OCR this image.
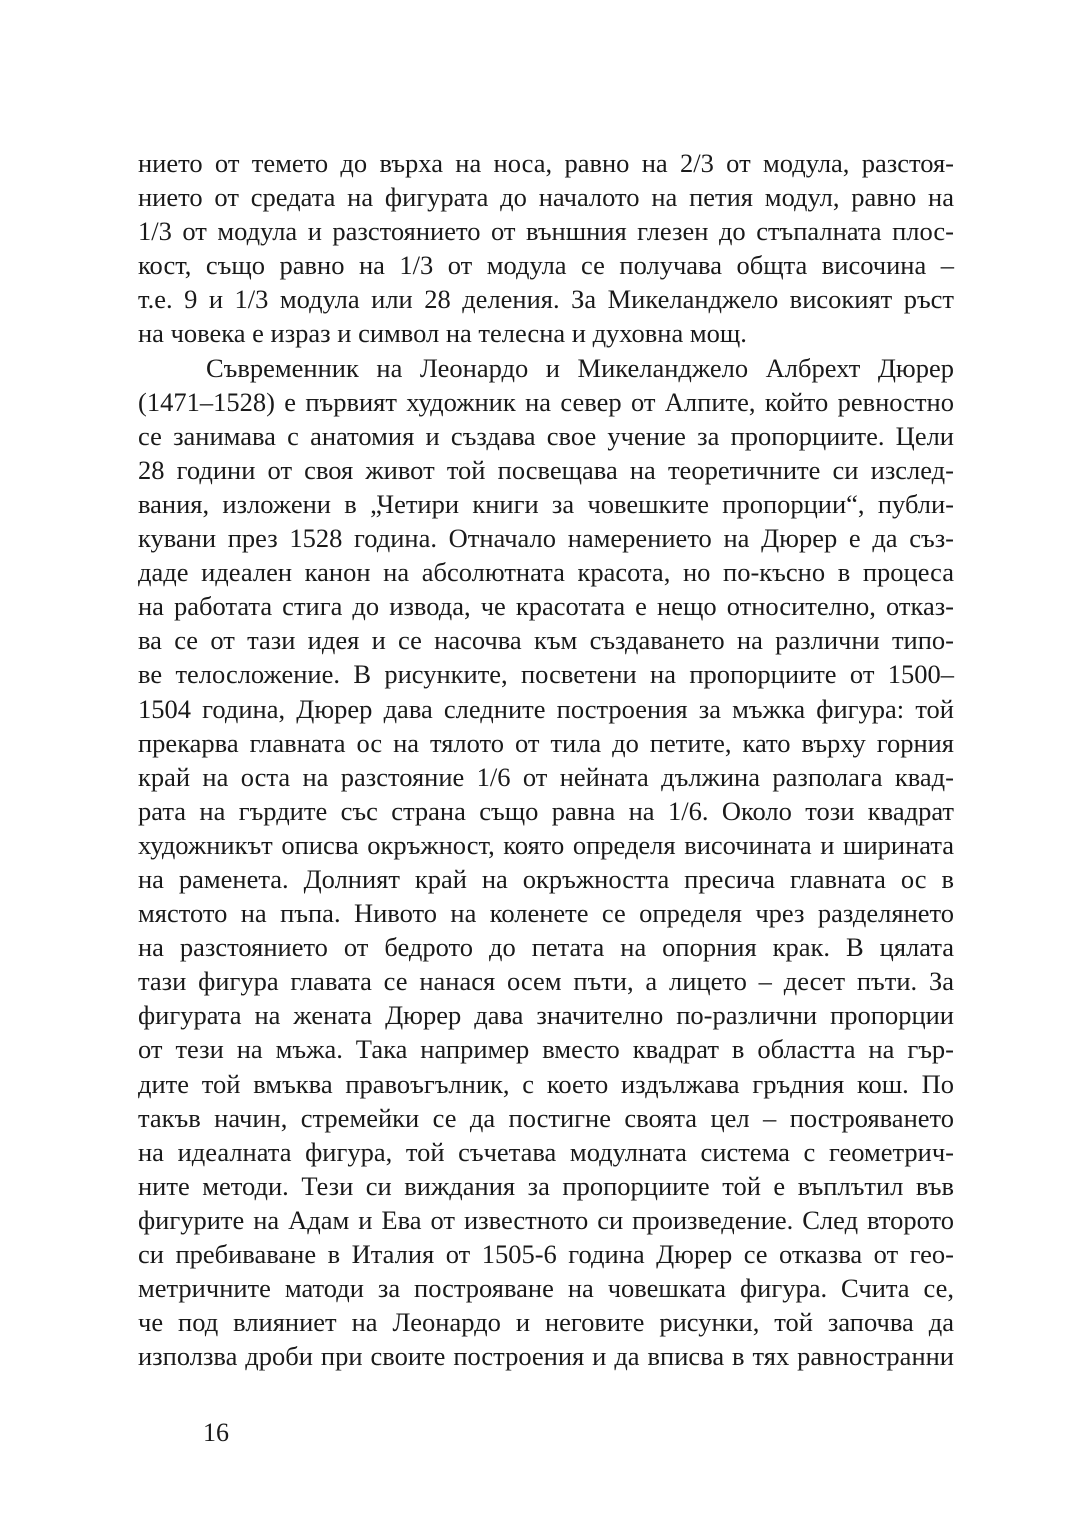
нието от темето до върха на носа, равно на 2/3 от модула, разстоя-
нието от средата на фигурата до началото на петия модул, равно на
1/3 от модула и разстоянието от външния глезен до стъпалната плос-
кост, също равно на 1/3 от модула се получава общта височина –
т.е. 9 и 1/3 модула или 28 деления. За Микеланджело високият ръст
на човека е израз и символ на телесна и духовна мощ.
Съвременник на Леонардо и Микеланджело Албрехт Дюрер
(1471–1528) е първият художник на север от Алпите, който ревностно
се занимава с анатомия и създава свое учение за пропорциите. Цели
28 години от своя живот той посвещава на теоретичните си изслед-
вания, изложени в „Четири книги за човешките пропорции“, публи-
кувани през 1528 година. Отначало намерението на Дюрер е да съз-
даде идеален канон на абсолютната красота, но по-късно в процеса
на работата стига до извода, че красотата е нещо относително, отказ-
ва се от тази идея и се насочва към създаването на различни типо-
ве телосложение. В рисунките, посветени на пропорциите от 1500–
1504 година, Дюрер дава следните построения за мъжка фигура: той
прекарва главната ос на тялото от тила до петите, като върху горния
край на оста на разстояние 1/6 от нейната дължина разполага квад-
рата на гърдите със страна също равна на 1/6. Около този квадрат
художникът описва окръжност, която определя височината и ширината
на раменета. Долният край на окръжността пресича главната ос в
мястото на пъпа. Нивото на коленете се определя чрез разделянето
на разстоянието от бедрото до петата на опорния крак. В цялата
тази фигура главата се нанася осем пъти, а лицето – десет пъти. За
фигурата на жената Дюрер дава значително по-различни пропорции
от тези на мъжа. Така например вместо квадрат в областта на гър-
дите той вмъква правоъгълник, с което издължава гръдния кош. По
такъв начин, стремейки се да постигне своята цел – построяването
на идеалната фигура, той съчетава модулната система с геометрич-
ните методи. Тези си виждания за пропорциите той е въплътил във
фигурите на Адам и Ева от известното си произведение. След второто
си пребиваване в Италия от 1505-6 година Дюрер се отказва от гео-
метричните матоди за построяване на човешката фигура. Счита се,
че под влияниет на Леонардо и неговите рисунки, той започва да
използва дроби при своите построения и да вписва в тях равностранни
16
